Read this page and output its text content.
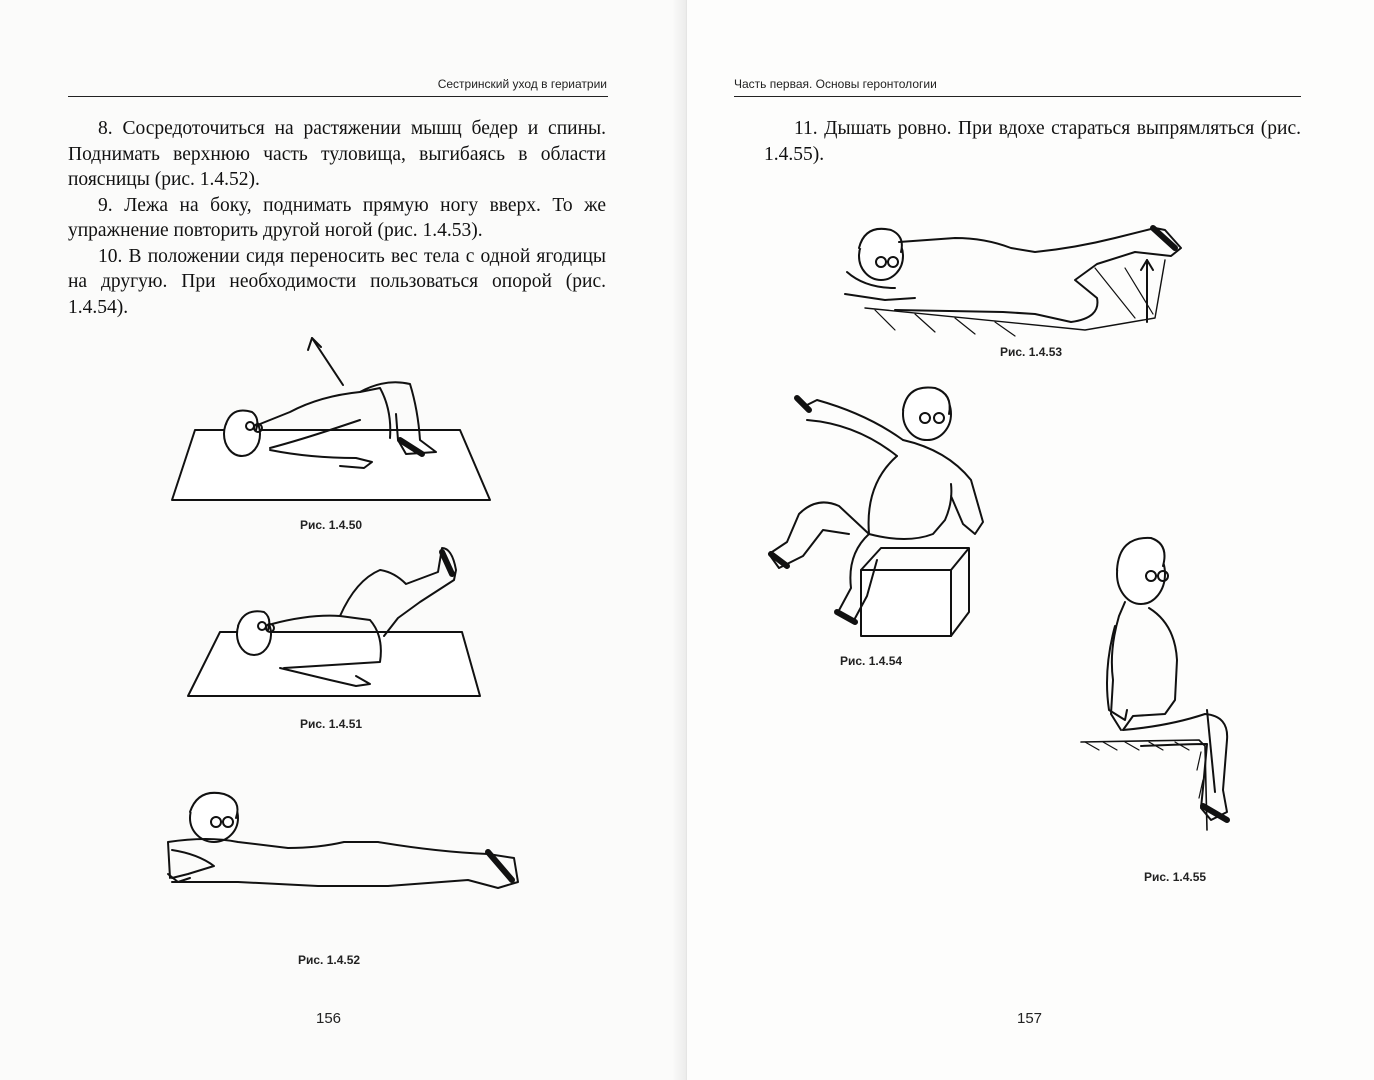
Сестринский уход в гериатрии

8. Сосредоточиться на растяжении мышц бедер и спины. Поднимать верхнюю часть туловища, выгибаясь в области поясницы (рис. 1.4.52).

9. Лежа на боку, поднимать прямую ногу вверх. То же упражнение повторить другой ногой (рис. 1.4.53).

10. В положении сидя переносить вес тела с одной ягодицы на другую. При необходимости пользоваться опорой (рис. 1.4.54).

Рис. 1.4.50
Рис. 1.4.51
Рис. 1.4.52
156
Часть первая. Основы геронтологии

11. Дышать ровно. При вдохе стараться выпрямляться (рис. 1.4.55).

Рис. 1.4.53
Рис. 1.4.54
Рис. 1.4.55
157
